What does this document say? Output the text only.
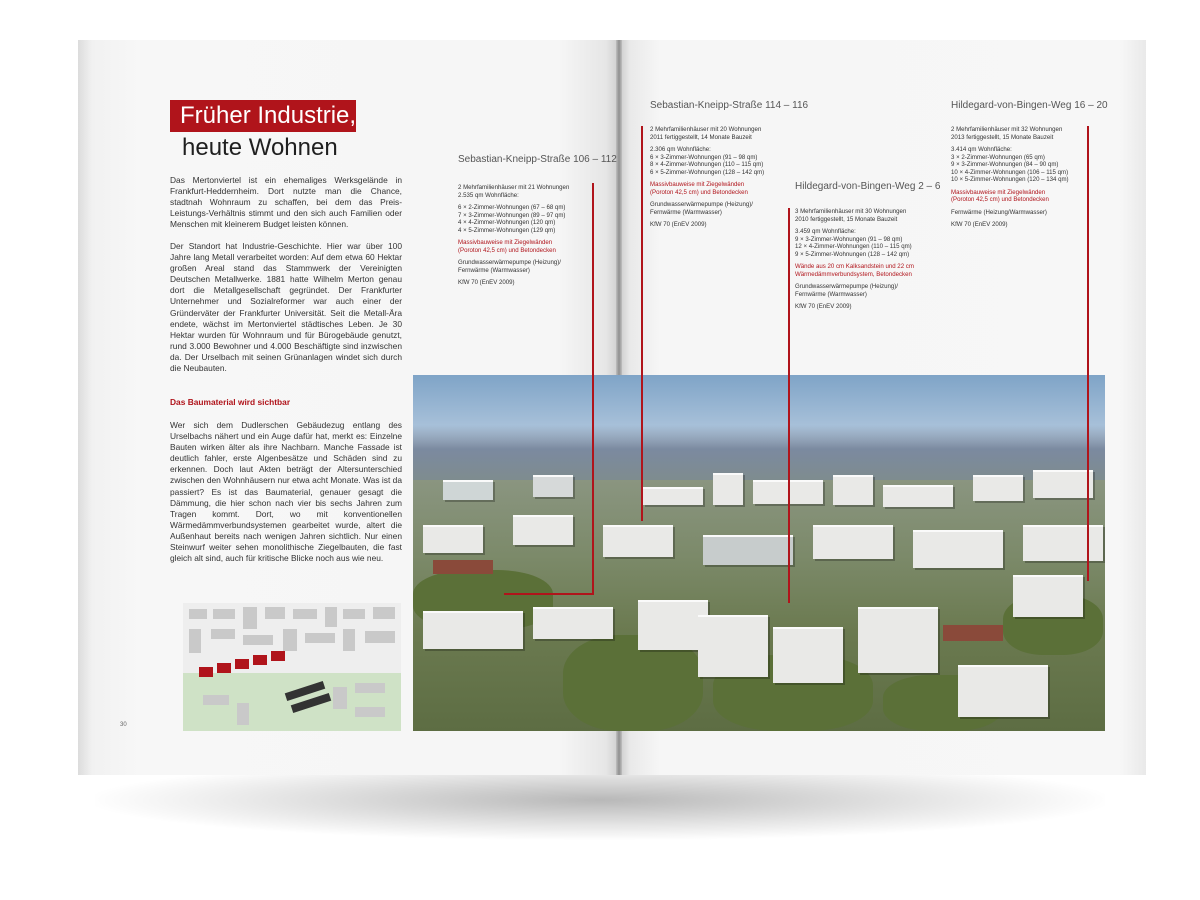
Früher Industrie,
heute Wohnen
Das Mertonviertel ist ein ehemaliges Werksgelände in Frankfurt-Heddernheim. Dort nutzte man die Chance, stadtnah Wohnraum zu schaffen, bei dem das Preis-Leistungs-Verhältnis stimmt und den sich auch Familien oder Menschen mit kleinerem Budget leisten können.
Der Standort hat Industrie-Geschichte. Hier war über 100 Jahre lang Metall verarbeitet worden: Auf dem etwa 60 Hektar großen Areal stand das Stammwerk der Vereinigten Deutschen Metallwerke. 1881 hatte Wilhelm Merton genau dort die Metallgesellschaft gegründet. Der Frankfurter Unternehmer und Sozialreformer war auch einer der Gründerväter der Frankfurter Universität. Seit die Metall-Ära endete, wächst im Mertonviertel städtisches Leben. Je 30 Hektar wurden für Wohnraum und für Bürogebäude genutzt, rund 3.000 Bewohner und 4.000 Beschäftigte sind inzwischen da. Der Urselbach mit seinen Grünanlagen windet sich durch die Neubauten.
Das Baumaterial wird sichtbar
Wer sich dem Dudlerschen Gebäudezug entlang des Urselbachs nähert und ein Auge dafür hat, merkt es: Einzelne Bauten wirken älter als ihre Nachbarn. Manche Fassade ist deutlich fahler, erste Algenbesätze und Schäden sind zu erkennen. Doch laut Akten beträgt der Altersunterschied zwischen den Wohnhäusern nur etwa acht Monate. Was ist da passiert? Es ist das Baumaterial, genauer gesagt die Dämmung, die hier schon nach vier bis sechs Jahren zum Tragen kommt. Dort, wo mit konventionellen Wärmedämmverbundsystemen gearbeitet wurde, altert die Außenhaut bereits nach wenigen Jahren sichtlich. Nur einen Steinwurf weiter sehen monolithische Ziegelbauten, die fast gleich alt sind, auch für kritische Blicke noch aus wie neu.
30
Sebastian-Kneipp-Straße 106 – 112

2 Mehrfamilienhäuser mit 21 Wohnungen
2.535 qm Wohnfläche:

6 × 2-Zimmer-Wohnungen (67 – 68 qm)
7 × 3-Zimmer-Wohnungen (89 – 97 qm)
4 × 4-Zimmer-Wohnungen (120 qm)
4 × 5-Zimmer-Wohnungen (129 qm)

Massivbauweise mit Ziegelwänden
(Poroton 42,5 cm) und Betondecken

Grundwasserwärmepumpe (Heizung)/
Fernwärme (Warmwasser)

KfW 70 (EnEV 2009)

Sebastian-Kneipp-Straße 114 – 116

2 Mehrfamilienhäuser mit 20 Wohnungen
2011 fertiggestellt, 14 Monate Bauzeit

2.306 qm Wohnfläche:
6 × 3-Zimmer-Wohnungen (91 – 98 qm)
8 × 4-Zimmer-Wohnungen (110 – 115 qm)
6 × 5-Zimmer-Wohnungen (128 – 142 qm)

Massivbauweise mit Ziegelwänden
(Poroton 42,5 cm) und Betondecken

Grundwasserwärmepumpe (Heizung)/
Fernwärme (Warmwasser)

KfW 70 (EnEV 2009)

Hildegard-von-Bingen-Weg 2 – 6

3 Mehrfamilienhäuser mit 30 Wohnungen
2010 fertiggestellt, 15 Monate Bauzeit

3.459 qm Wohnfläche:
9 × 3-Zimmer-Wohnungen (91 – 98 qm)
12 × 4-Zimmer-Wohnungen (110 – 115 qm)
9 × 5-Zimmer-Wohnungen (128 – 142 qm)

Wände aus 20 cm Kalksandstein und 22 cm
Wärmedämmverbundsystem, Betondecken

Grundwasserwärmepumpe (Heizung)/
Fernwärme (Warmwasser)

KfW 70 (EnEV 2009)

Hildegard-von-Bingen-Weg 16 – 20

2 Mehrfamilienhäuser mit 32 Wohnungen
2013 fertiggestellt, 15 Monate Bauzeit

3.414 qm Wohnfläche:
3 × 2-Zimmer-Wohnungen (65 qm)
9 × 3-Zimmer-Wohnungen (84 – 90 qm)
10 × 4-Zimmer-Wohnungen (106 – 115 qm)
10 × 5-Zimmer-Wohnungen (120 – 134 qm)

Massivbauweise mit Ziegelwänden
(Poroton 42,5 cm) und Betondecken

Fernwärme (Heizung/Warmwasser)

KfW 70 (EnEV 2009)
